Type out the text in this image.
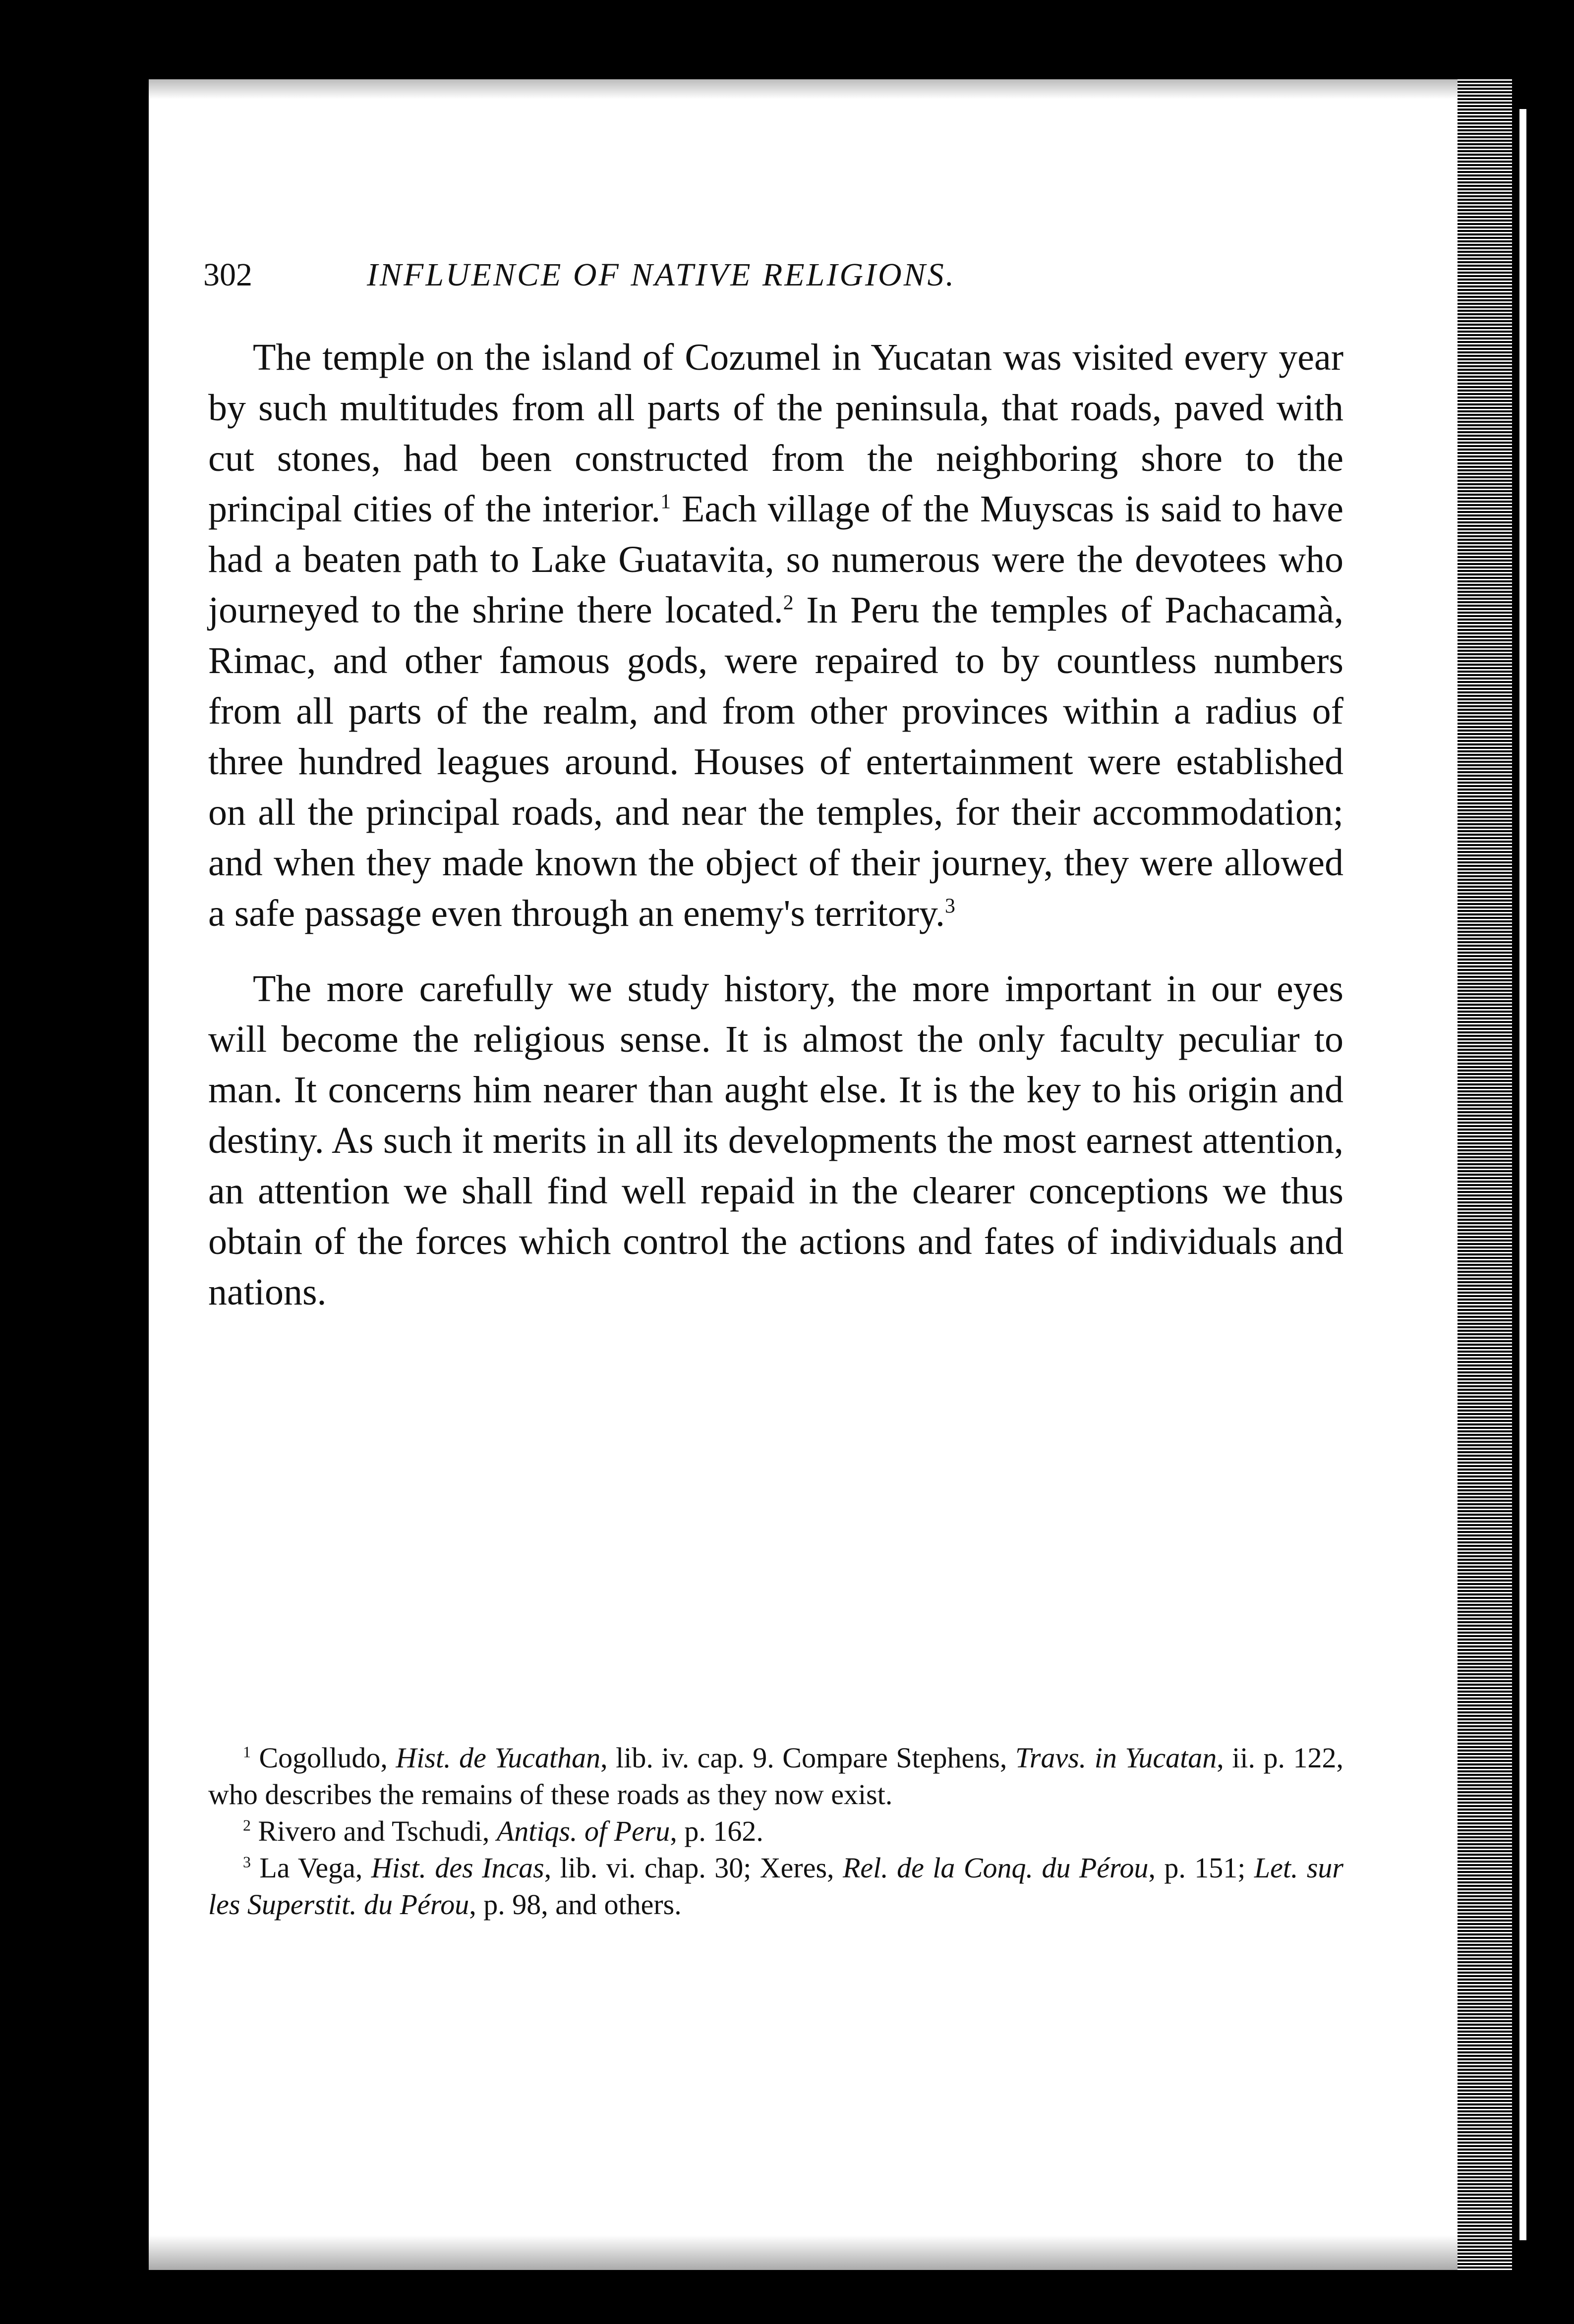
302	INFLUENCE OF NATIVE RELIGIONS.

The temple on the island of Cozumel in Yucatan was visited every year by such multitudes from all parts of the peninsula, that roads, paved with cut stones, had been constructed from the neighboring shore to the principal cities of the interior.$^1$ Each village of the Muyscas is said to have had a beaten path to Lake Guatavita, so numerous were the devotees who journeyed to the shrine there located.$^2$ In Peru the temples of Pachacamà, Rimac, and other famous gods, were repaired to by countless numbers from all parts of the realm, and from other provinces within a radius of three hundred leagues around. Houses of entertainment were established on all the principal roads, and near the temples, for their accommodation; and when they made known the object of their journey, they were allowed a safe passage even through an enemy's territory.$^3$

The more carefully we study history, the more important in our eyes will become the religious sense. It is almost the only faculty peculiar to man. It concerns him nearer than aught else. It is the key to his origin and destiny. As such it merits in all its developments the most earnest attention, an attention we shall find well repaid in the clearer conceptions we thus obtain of the forces which control the actions and fates of individuals and nations.

$^1$ Cogolludo, Hist. de Yucathan, lib. iv. cap. 9. Compare Stephens, Travs. in Yucatan, ii. p. 122, who describes the remains of these roads as they now exist.

$^2$ Rivero and Tschudi, Antiqs. of Peru, p. 162.

$^3$ La Vega, Hist. des Incas, lib. vi. chap. 30; Xeres, Rel. de la Conq. du Pérou, p. 151; Let. sur les Superstit. du Pérou, p. 98, and others.
